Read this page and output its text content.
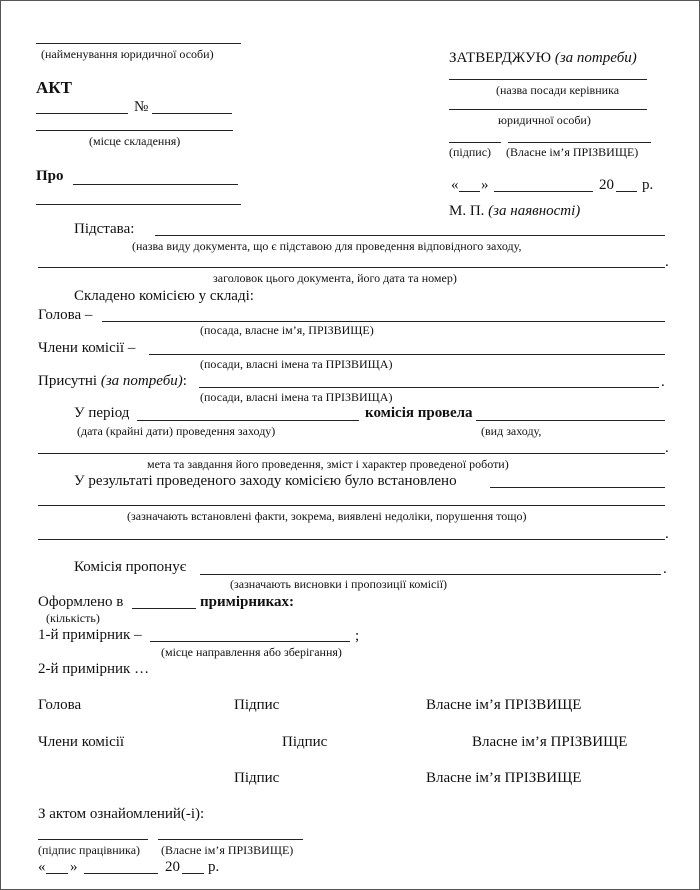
(найменування юридичної особи)
АКТ
№
(місце складення)
Про
ЗАТВЕРДЖУЮ (за потреби)
(назва посади керівника
юридичної особи)
(підпис) (Власне ім’я ПРІЗВИЩЕ)
« »	20 р.
М. П. (за наявності)
Підстава:
(назва виду документа, що є підставою для проведення відповідного заходу,
.
заголовок цього документа, його дата та номер)
Складено комісією у складі:
Голова –
(посада, власне ім’я, ПРІЗВИЩЕ)
Члени комісії –
(посади, власні імена та ПРІЗВИЩА)
Присутні (за потреби):	.
(посади, власні імена та ПРІЗВИЩА)
У період	комісія провела
(дата (крайні дати) проведення заходу)	(вид заходу,
.
мета та завдання його проведення, зміст і характер проведеної роботи)
У результаті проведеного заходу комісією було встановлено
(зазначають встановлені факти, зокрема, виявлені недоліки, порушення тощо)
.
Комісія пропонує	.
(зазначають висновки і пропозиції комісії)
Оформлено в	примірниках:
(кількість)
1-й примірник –	;
(місце направлення або зберігання)
2-й примірник …
Голова	Підпис	Власне ім’я ПРІЗВИЩЕ
Члени комісії	Підпис	Власне ім’я ПРІЗВИЩЕ
Підпис	Власне ім’я ПРІЗВИЩЕ
З актом ознайомлений(-і):
(підпис працівника) (Власне ім’я ПРІЗВИЩЕ)
« »	20 р.
